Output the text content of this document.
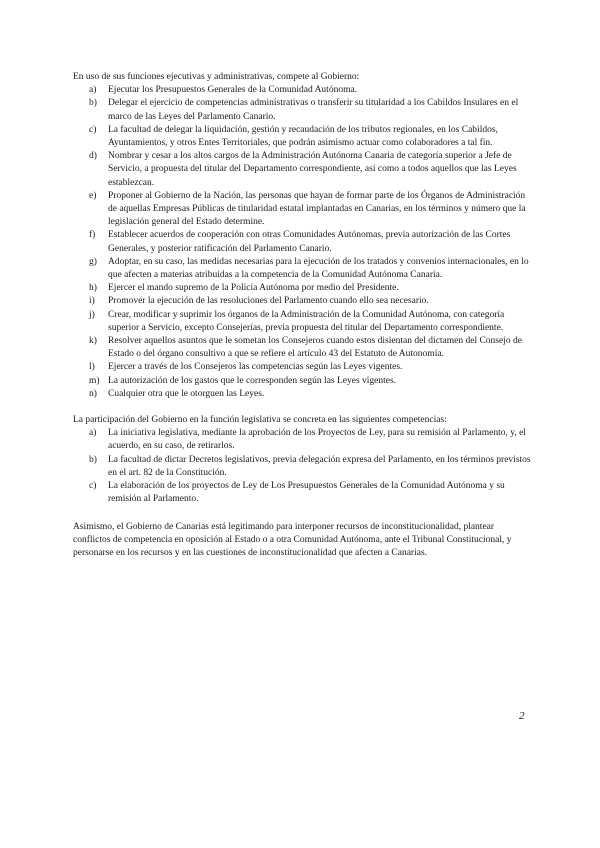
En uso de sus funciones ejecutivas y administrativas, compete al Gobierno:

a)	Ejecutar los Presupuestos Generales de la Comunidad Autónoma.
b)	Delegar el ejercicio de competencias administrativas o transferir su titularidad a los Cabildos Insulares en el marco de las Leyes del Parlamento Canario.
c)	La facultad de delegar la liquidación, gestión y recaudación de los tributos regionales, en los Cabildos, Ayuntamientos, y otros Entes Territoriales, que podrán asimismo actuar como colaboradores a tal fin.
d)	Nombrar y cesar a los altos cargos de la Administración Autónoma Canaria de categoría superior a Jefe de Servicio, a propuesta del titular del Departamento correspondiente, así como a todos aquellos que las Leyes establezcan.
e)	Proponer al Gobierno de la Nación, las personas que hayan de formar parte de los Órganos de Administración de aquellas Empresas Públicas de titularidad estatal implantadas en Canarias, en los términos y número que la legislación general del Estado determine.
f)	Establecer acuerdos de cooperación con otras Comunidades Autónomas, previa autorización de las Cortes Generales, y posterior ratificación del Parlamento Canario.
g)	Adoptar, en su caso, las medidas necesarias para la ejecución de los tratados y convenios internacionales, en lo que afecten a materias atribuidas a la competencia de la Comunidad Autónoma Canaria.
h)	Ejercer el mando supremo de la Policía Autónoma por medio del Presidente.
i)	Promover la ejecución de las resoluciones del Parlamento cuando ello sea necesario.
j)	Crear, modificar y suprimir los órganos de la Administración de la Comunidad Autónoma, con categoría superior a Servicio, excepto Consejerías, previa propuesta del titular del Departamento correspondiente.
k)	Resolver aquellos asuntos que le sometan los Consejeros cuando estos disientan del dictamen del Consejo de Estado o del órgano consultivo a que se refiere el artículo 43 del Estatuto de Autonomía.
l)	Ejercer a través de los Consejeros las competencias según las Leyes vigentes.
m) La autorización de los gastos que le corresponden según las Leyes vigentes.
n)	Cualquier otra que le otorguen las Leyes.

La participación del Gobierno en la función legislativa se concreta en las siguientes competencias:

a)	La iniciativa legislativa, mediante la aprobación de los Proyectos de Ley, para su remisión al Parlamento, y, el acuerdo, en su caso, de retirarlos.
b)	La facultad de dictar Decretos legislativos, previa delegación expresa del Parlamento, en los términos previstos en el art. 82 de la Constitución.
c)	La elaboración de los proyectos de Ley de Los Presupuestos Generales de la Comunidad Autónoma y su remisión al Parlamento.

Asimismo, el Gobierno de Canarias está legitimando para interponer recursos de inconstitucionalidad, plantear conflictos de competencia en oposición al Estado o a otra Comunidad Autónoma, ante el Tribunal Constitucional, y personarse en los recursos y en las cuestiones de inconstitucionalidad que afecten a Canarias.

2
